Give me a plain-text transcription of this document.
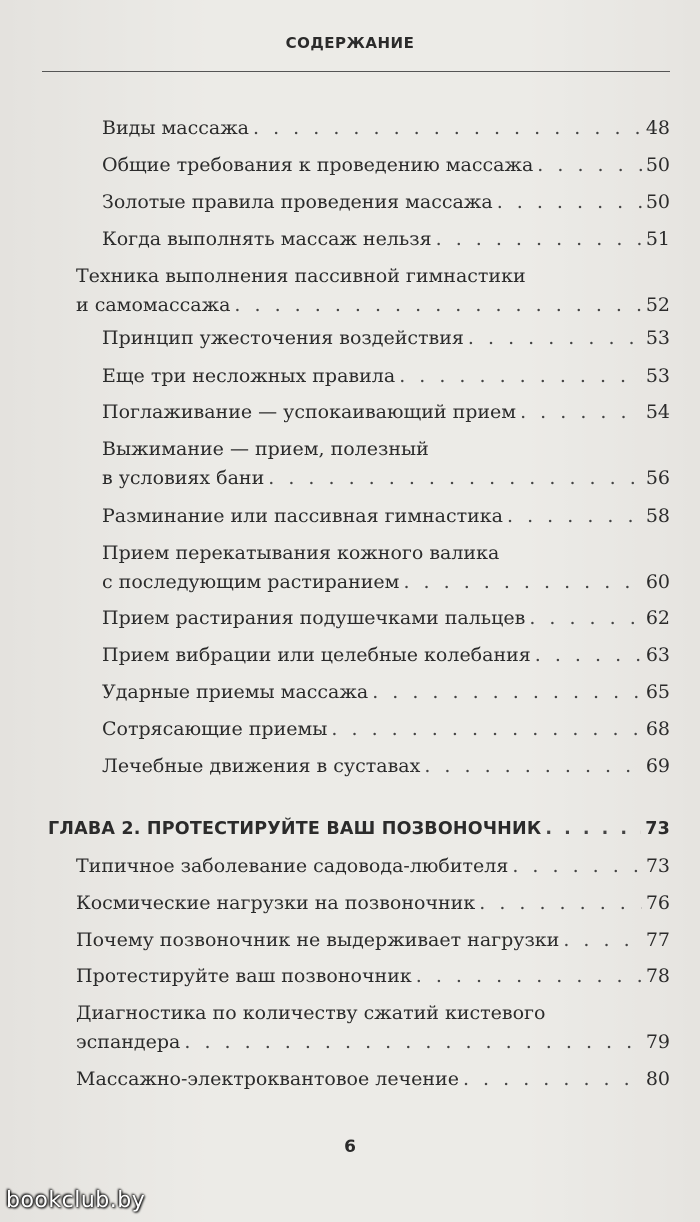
СОДЕРЖАНИЕ
Виды массажа . . .	48
Общие требования к проведению массажа . . .	50
Золотые правила проведения массажа . . .	50
Когда выполнять массаж нельзя . . .	51
Техника выполнения пассивной гимнастики
и самомассажа . . .	52
Принцип ужесточения воздействия . . .	53
Еще три несложных правила . . .	53
Поглаживание — успокаивающий прием . . .	54
Выжимание — прием, полезный
в условиях бани . . .	56
Разминание или пассивная гимнастика . . .	58
Прием перекатывания кожного валика
с последующим растиранием . . .	60
Прием растирания подушечками пальцев . . .	62
Прием вибрации или целебные колебания . . .	63
Ударные приемы массажа . . .	65
Сотрясающие приемы . . .	68
Лечебные движения в суставах . . .	69
ГЛАВА 2. ПРОТЕСТИРУЙТЕ ВАШ ПОЗВОНОЧНИК . . .	73
Типичное заболевание садовода-любителя . . .	73
Космические нагрузки на позвоночник . . .	76
Почему позвоночник не выдерживает нагрузки . . .	77
Протестируйте ваш позвоночник . . .	78
Диагностика по количеству сжатий кистевого
эспандера . . .	79
Массажно-электроквантовое лечение . . .	80
6
bookclub.by
